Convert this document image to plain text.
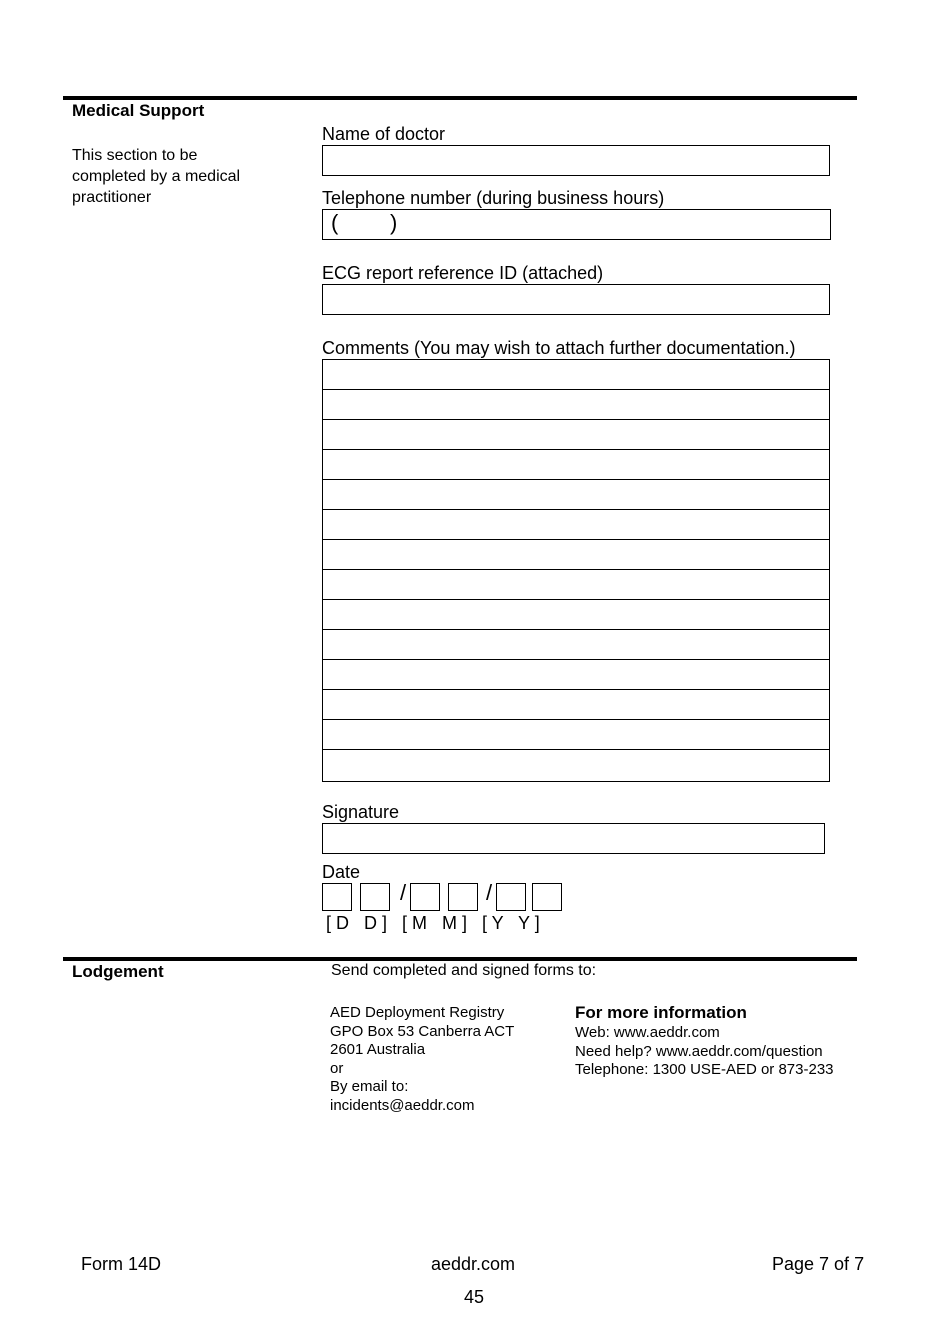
Medical Support
This section to be completed by a medical practitioner
Name of doctor
Telephone number (during business hours)
( )
ECG report reference ID (attached)
Comments (You may wish to attach further documentation.)
Signature
Date
/	/
[ D   D ]   [ M   M ]   [ Y   Y ]
Lodgement	Send completed and signed forms to:
AED Deployment Registry
GPO Box 53 Canberra ACT
2601 Australia
or
By email to:
incidents@aeddr.com
For more information
Web: www.aeddr.com
Need help? www.aeddr.com/question
Telephone: 1300 USE-AED or 873-233
Form 14D	aeddr.com	Page 7 of 7
45
